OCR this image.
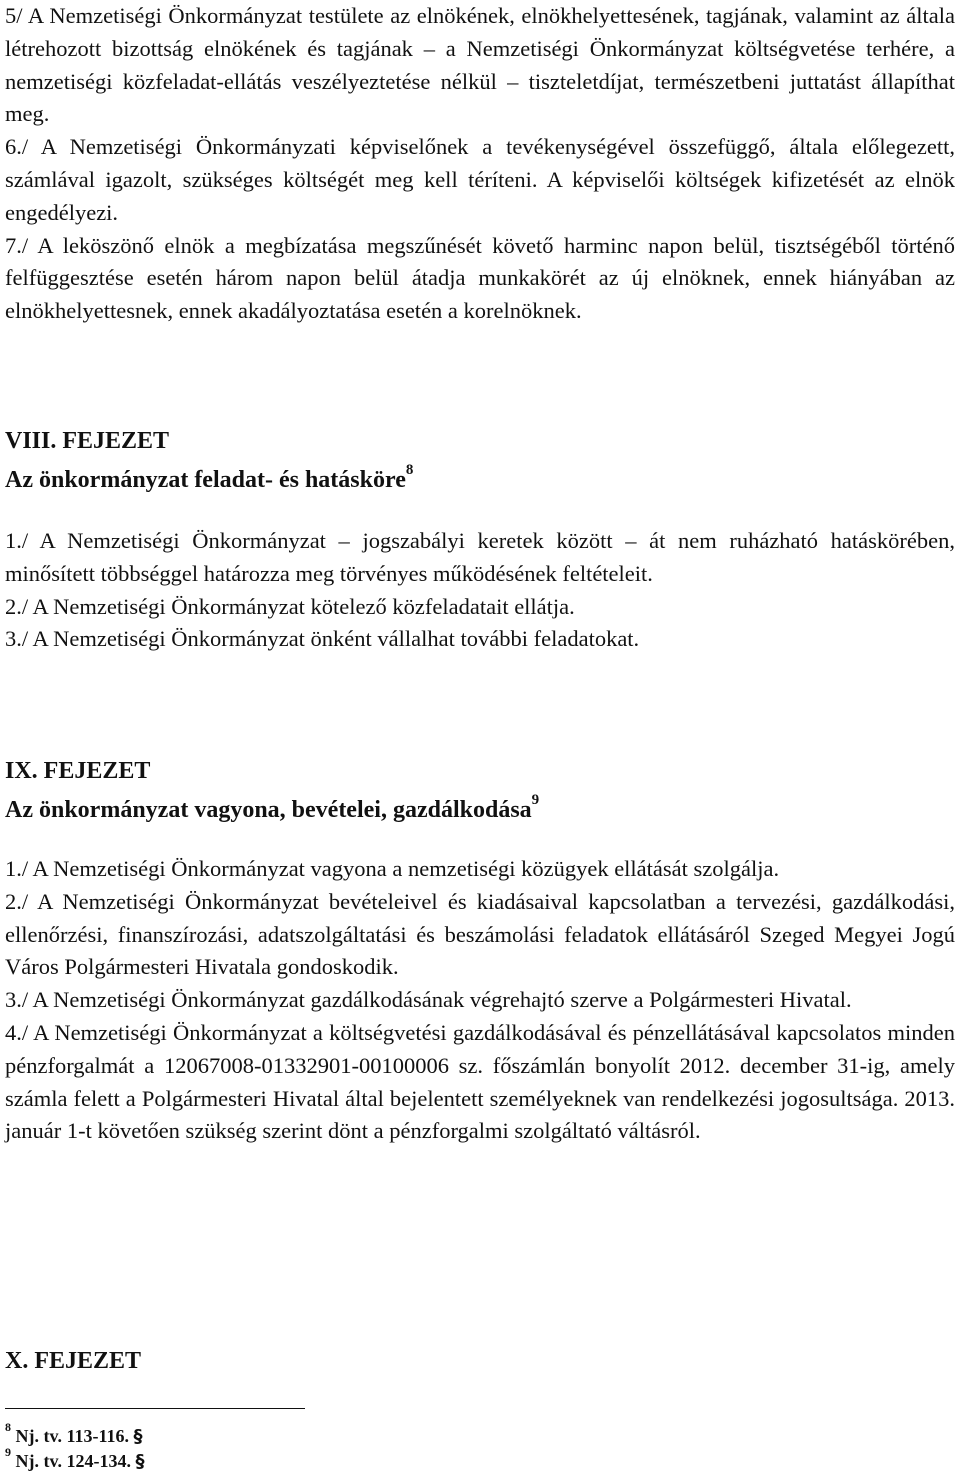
5/ A Nemzetiségi Önkormányzat testülete az elnökének, elnökhelyettesének, tagjának, valamint az általa létrehozott bizottság elnökének és tagjának – a Nemzetiségi Önkormányzat költségvetése terhére, a nemzetiségi közfeladat-ellátás veszélyeztetése nélkül – tiszteletdíjat, természetbeni juttatást állapíthat meg.

6./ A Nemzetiségi Önkormányzati képviselőnek a tevékenységével összefüggő, általa előlegezett, számlával igazolt, szükséges költségét meg kell téríteni. A képviselői költségek kifizetését az elnök engedélyezi.

7./ A leköszönő elnök a megbízatása megszűnését követő harminc napon belül, tisztségéből történő felfüggesztése esetén három napon belül átadja munkakörét az új elnöknek, ennek hiányában az elnökhelyettesnek, ennek akadályoztatása esetén a korelnöknek.

VIII. FEJEZET
Az önkormányzat feladat- és hatásköre$^8$

1./ A Nemzetiségi Önkormányzat – jogszabályi keretek között – át nem ruházható hatáskörében, minősített többséggel határozza meg törvényes működésének feltételeit.

2./ A Nemzetiségi Önkormányzat kötelező közfeladatait ellátja.

3./ A Nemzetiségi Önkormányzat önként vállalhat további feladatokat.

IX. FEJEZET
Az önkormányzat vagyona, bevételei, gazdálkodása$^9$

1./ A Nemzetiségi Önkormányzat vagyona a nemzetiségi közügyek ellátását szolgálja.

2./ A Nemzetiségi Önkormányzat bevételeivel és kiadásaival kapcsolatban a tervezési, gazdálkodási, ellenőrzési, finanszírozási, adatszolgáltatási és beszámolási feladatok ellátásáról Szeged Megyei Jogú Város Polgármesteri Hivatala gondoskodik.

3./ A Nemzetiségi Önkormányzat gazdálkodásának végrehajtó szerve a Polgármesteri Hivatal.

4./ A Nemzetiségi Önkormányzat a költségvetési gazdálkodásával és pénzellátásával kapcsolatos minden pénzforgalmát a 12067008-01332901-00100006 sz. főszámlán bonyolít 2012. december 31-ig, amely számla felett a Polgármesteri Hivatal által bejelentett személyeknek van rendelkezési jogosultsága. 2013. január 1-t követően szükség szerint dönt a pénzforgalmi szolgáltató váltásról.

X. FEJEZET
$^8$ Nj. tv. 113-116. §
$^9$ Nj. tv. 124-134. §
